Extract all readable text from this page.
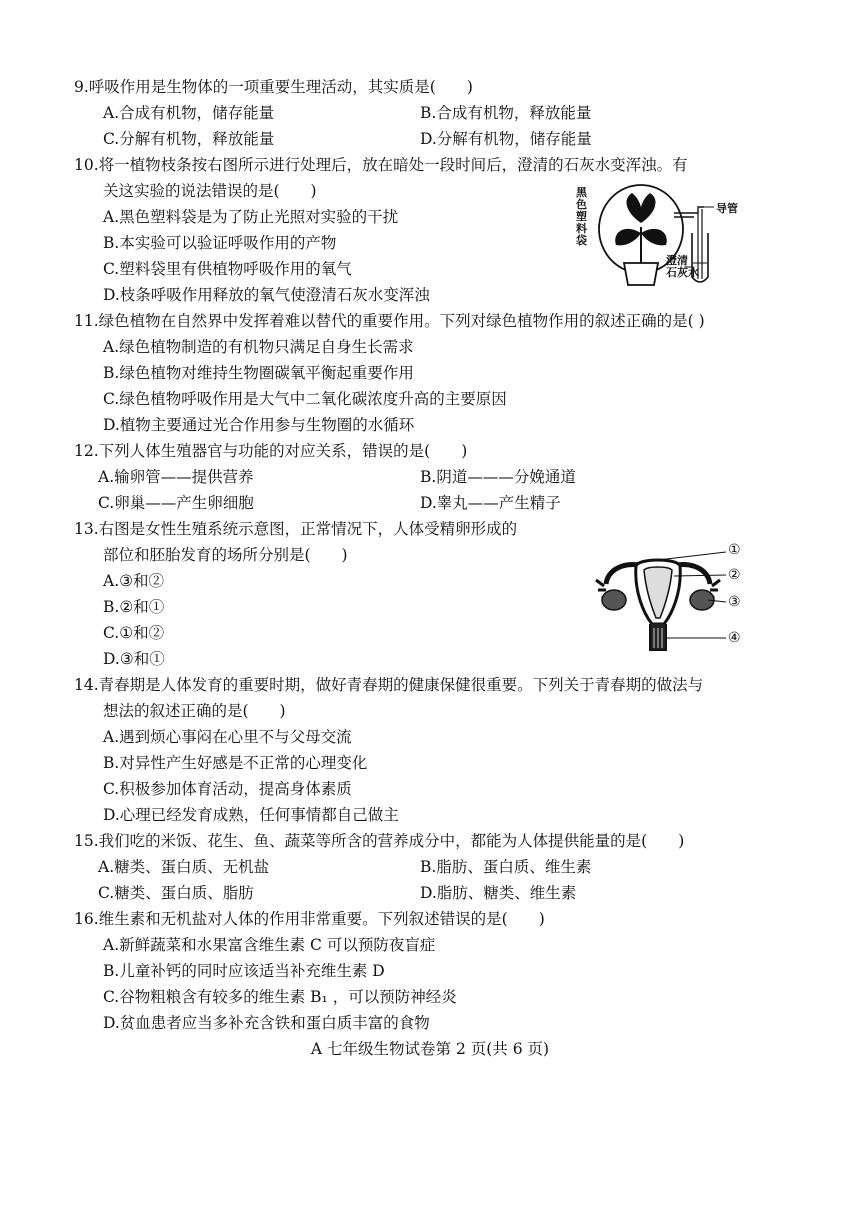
9.呼吸作用是生物体的一项重要生理活动，其实质是(　　)
A.合成有机物，储存能量	B.合成有机物，释放能量
C.分解有机物，释放能量	D.分解有机物，储存能量
10.将一植物枝条按右图所示进行处理后，放在暗处一段时间后，澄清的石灰水变浑浊。有
关这实验的说法错误的是(　　)
A.黑色塑料袋是为了防止光照对实验的干扰
B.本实验可以验证呼吸作用的产物
C.塑料袋里有供植物呼吸作用的氧气
D.枝条呼吸作用释放的氧气使澄清石灰水变浑浊
黑
色
塑
料
袋
导管
澄清
石灰水
11.绿色植物在自然界中发挥着难以替代的重要作用。下列对绿色植物作用的叙述正确的是( )
A.绿色植物制造的有机物只满足自身生长需求
B.绿色植物对维持生物圈碳氧平衡起重要作用
C.绿色植物呼吸作用是大气中二氧化碳浓度升高的主要原因
D.植物主要通过光合作用参与生物圈的水循环
12.下列人体生殖器官与功能的对应关系，错误的是(　　)
A.输卵管——提供营养	B.阴道———分娩通道
C.卵巢——产生卵细胞	D.睾丸——产生精子
13.右图是女性生殖系统示意图，正常情况下，人体受精卵形成的
部位和胚胎发育的场所分别是(　　)
A.③和②
B.②和①
C.①和②
D.③和①
①
②
③
④
14.青春期是人体发育的重要时期，做好青春期的健康保健很重要。下列关于青春期的做法与
想法的叙述正确的是(　　)
A.遇到烦心事闷在心里不与父母交流
B.对异性产生好感是不正常的心理变化
C.积极参加体育活动，提高身体素质
D.心理已经发育成熟，任何事情都自己做主
15.我们吃的米饭、花生、鱼、蔬菜等所含的营养成分中，都能为人体提供能量的是(　　)
A.糖类、蛋白质、无机盐	B.脂肪、蛋白质、维生素
C.糖类、蛋白质、脂肪	D.脂肪、糖类、维生素
16.维生素和无机盐对人体的作用非常重要。下列叙述错误的是(　　)
A.新鲜蔬菜和水果富含维生素 C 可以预防夜盲症
B.儿童补钙的同时应该适当补充维生素 D
C.谷物粗粮含有较多的维生素 B₁ ，可以预防神经炎
D.贫血患者应当多补充含铁和蛋白质丰富的食物
A 七年级生物试卷第 2 页(共 6 页)
